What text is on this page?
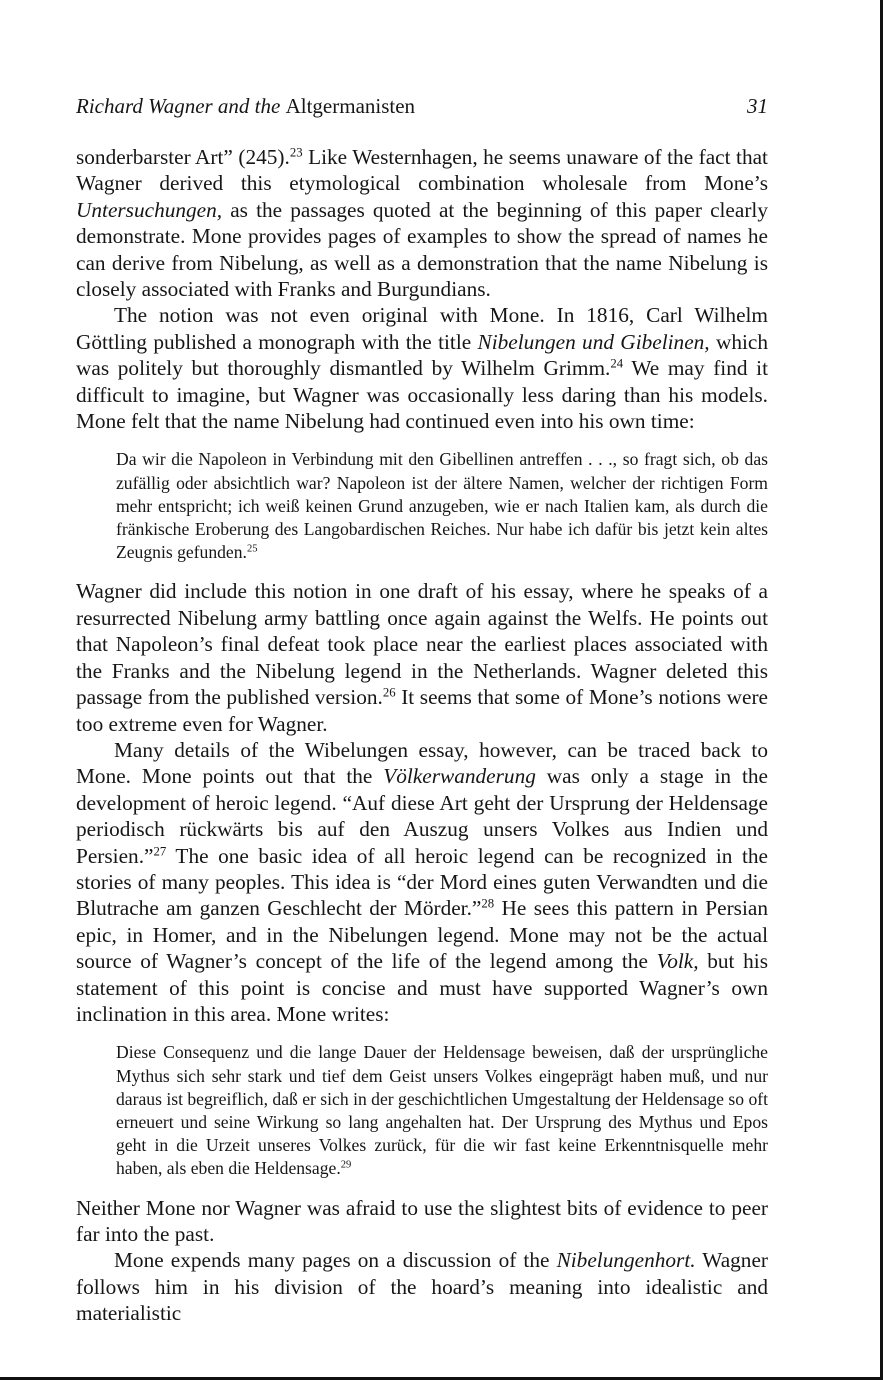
Richard Wagner and the Altgermanisten	31

sonderbarster Art” (245).$^{23}$ Like Westernhagen, he seems unaware of the fact that Wagner derived this etymological combination wholesale from Mone’s Untersuchungen, as the passages quoted at the beginning of this paper clearly demonstrate. Mone provides pages of examples to show the spread of names he can derive from Nibelung, as well as a demonstration that the name Nibelung is closely associated with Franks and Burgundians.

The notion was not even original with Mone. In 1816, Carl Wilhelm Göttling published a monograph with the title Nibelungen und Gibelinen, which was politely but thoroughly dismantled by Wilhelm Grimm.$^{24}$ We may find it difficult to imagine, but Wagner was occasionally less daring than his models. Mone felt that the name Nibelung had continued even into his own time:

Da wir die Napoleon in Verbindung mit den Gibellinen antreffen . . ., so fragt sich, ob das zufällig oder absichtlich war? Napoleon ist der ältere Namen, welcher der richtigen Form mehr entspricht; ich weiß keinen Grund anzugeben, wie er nach Italien kam, als durch die fränkische Eroberung des Langobardischen Reiches. Nur habe ich dafür bis jetzt kein altes Zeugnis gefunden.$^{25}$

Wagner did include this notion in one draft of his essay, where he speaks of a resurrected Nibelung army battling once again against the Welfs. He points out that Napoleon’s final defeat took place near the earliest places associated with the Franks and the Nibelung legend in the Netherlands. Wagner deleted this passage from the published version.$^{26}$ It seems that some of Mone’s notions were too extreme even for Wagner.

Many details of the Wibelungen essay, however, can be traced back to Mone. Mone points out that the Völkerwanderung was only a stage in the development of heroic legend. “Auf diese Art geht der Ursprung der Heldensage periodisch rückwärts bis auf den Auszug unsers Volkes aus Indien und Persien.”$^{27}$ The one basic idea of all heroic legend can be recognized in the stories of many peoples. This idea is “der Mord eines guten Verwandten und die Blutrache am ganzen Geschlecht der Mörder.”$^{28}$ He sees this pattern in Persian epic, in Homer, and in the Nibelungen legend. Mone may not be the actual source of Wagner’s concept of the life of the legend among the Volk, but his statement of this point is concise and must have supported Wagner’s own inclination in this area. Mone writes:

Diese Consequenz und die lange Dauer der Heldensage beweisen, daß der ursprüngliche Mythus sich sehr stark und tief dem Geist unsers Volkes eingeprägt haben muß, und nur daraus ist begreiflich, daß er sich in der geschichtlichen Umgestaltung der Heldensage so oft erneuert und seine Wirkung so lang angehalten hat. Der Ursprung des Mythus und Epos geht in die Urzeit unseres Volkes zurück, für die wir fast keine Erkenntnisquelle mehr haben, als eben die Heldensage.$^{29}$

Neither Mone nor Wagner was afraid to use the slightest bits of evidence to peer far into the past.

Mone expends many pages on a discussion of the Nibelungenhort. Wagner follows him in his division of the hoard’s meaning into idealistic and materialistic
